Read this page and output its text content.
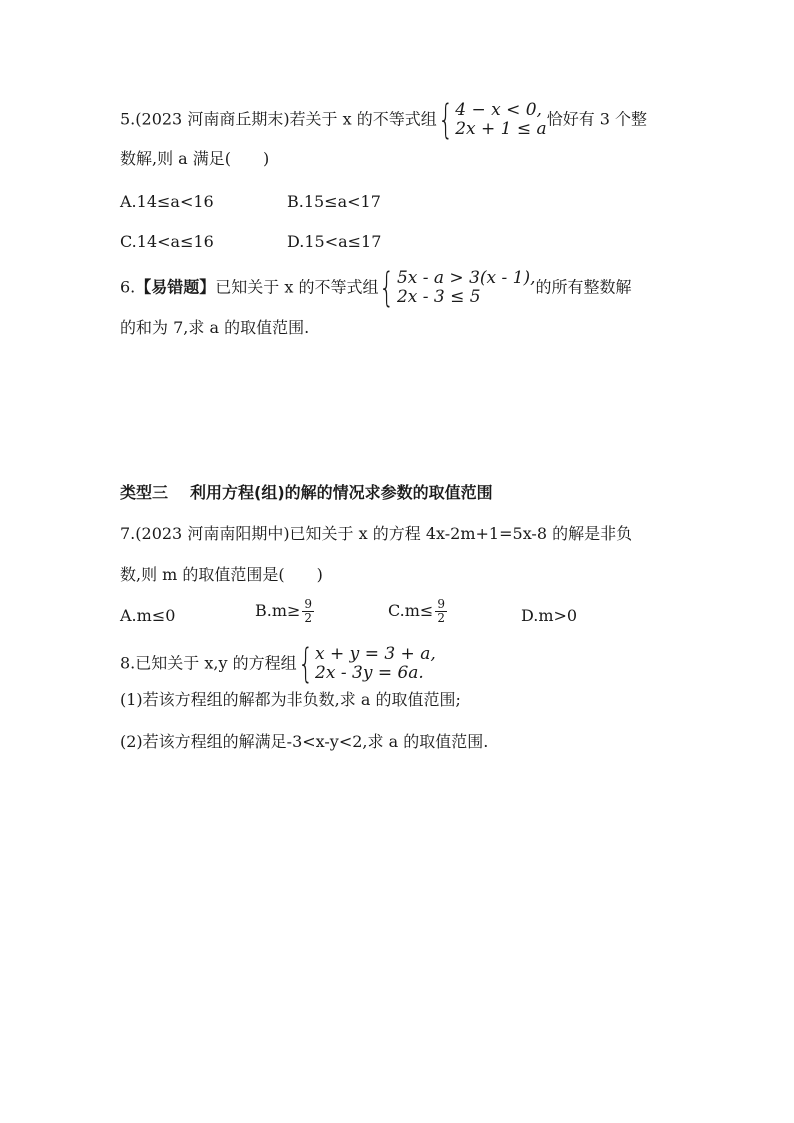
5.(2023 河南商丘期末)若关于 x 的不等式组 { 4 − x < 0,
2x + 1 ≤ a 恰好有 3 个整
数解,则 a 满足(　　)
A.14≤a<16	B.15≤a<17
C.14<a≤16	D.15<a≤17
6.【易错题】已知关于 x 的不等式组 { 5x - a > 3(x - 1),
2x - 3 ≤ 5	的所有整数解
的和为 7,求 a 的取值范围.
类型三 利用方程(组)的解的情况求参数的取值范围
7.(2023 河南南阳期中)已知关于 x 的方程 4x-2m+1=5x-8 的解是非负
数,则 m 的取值范围是(　　)
A.m≤0	$B.m\ge \frac{9}{2}$	$C.m\le \frac{9}{2}$	D.m>0
8.已知关于 x,y 的方程组 { x + y = 3 + a,
2x - 3y = 6a.
(1)若该方程组的解都为非负数,求 a 的取值范围;
(2)若该方程组的解满足-3<x-y<2,求 a 的取值范围.
